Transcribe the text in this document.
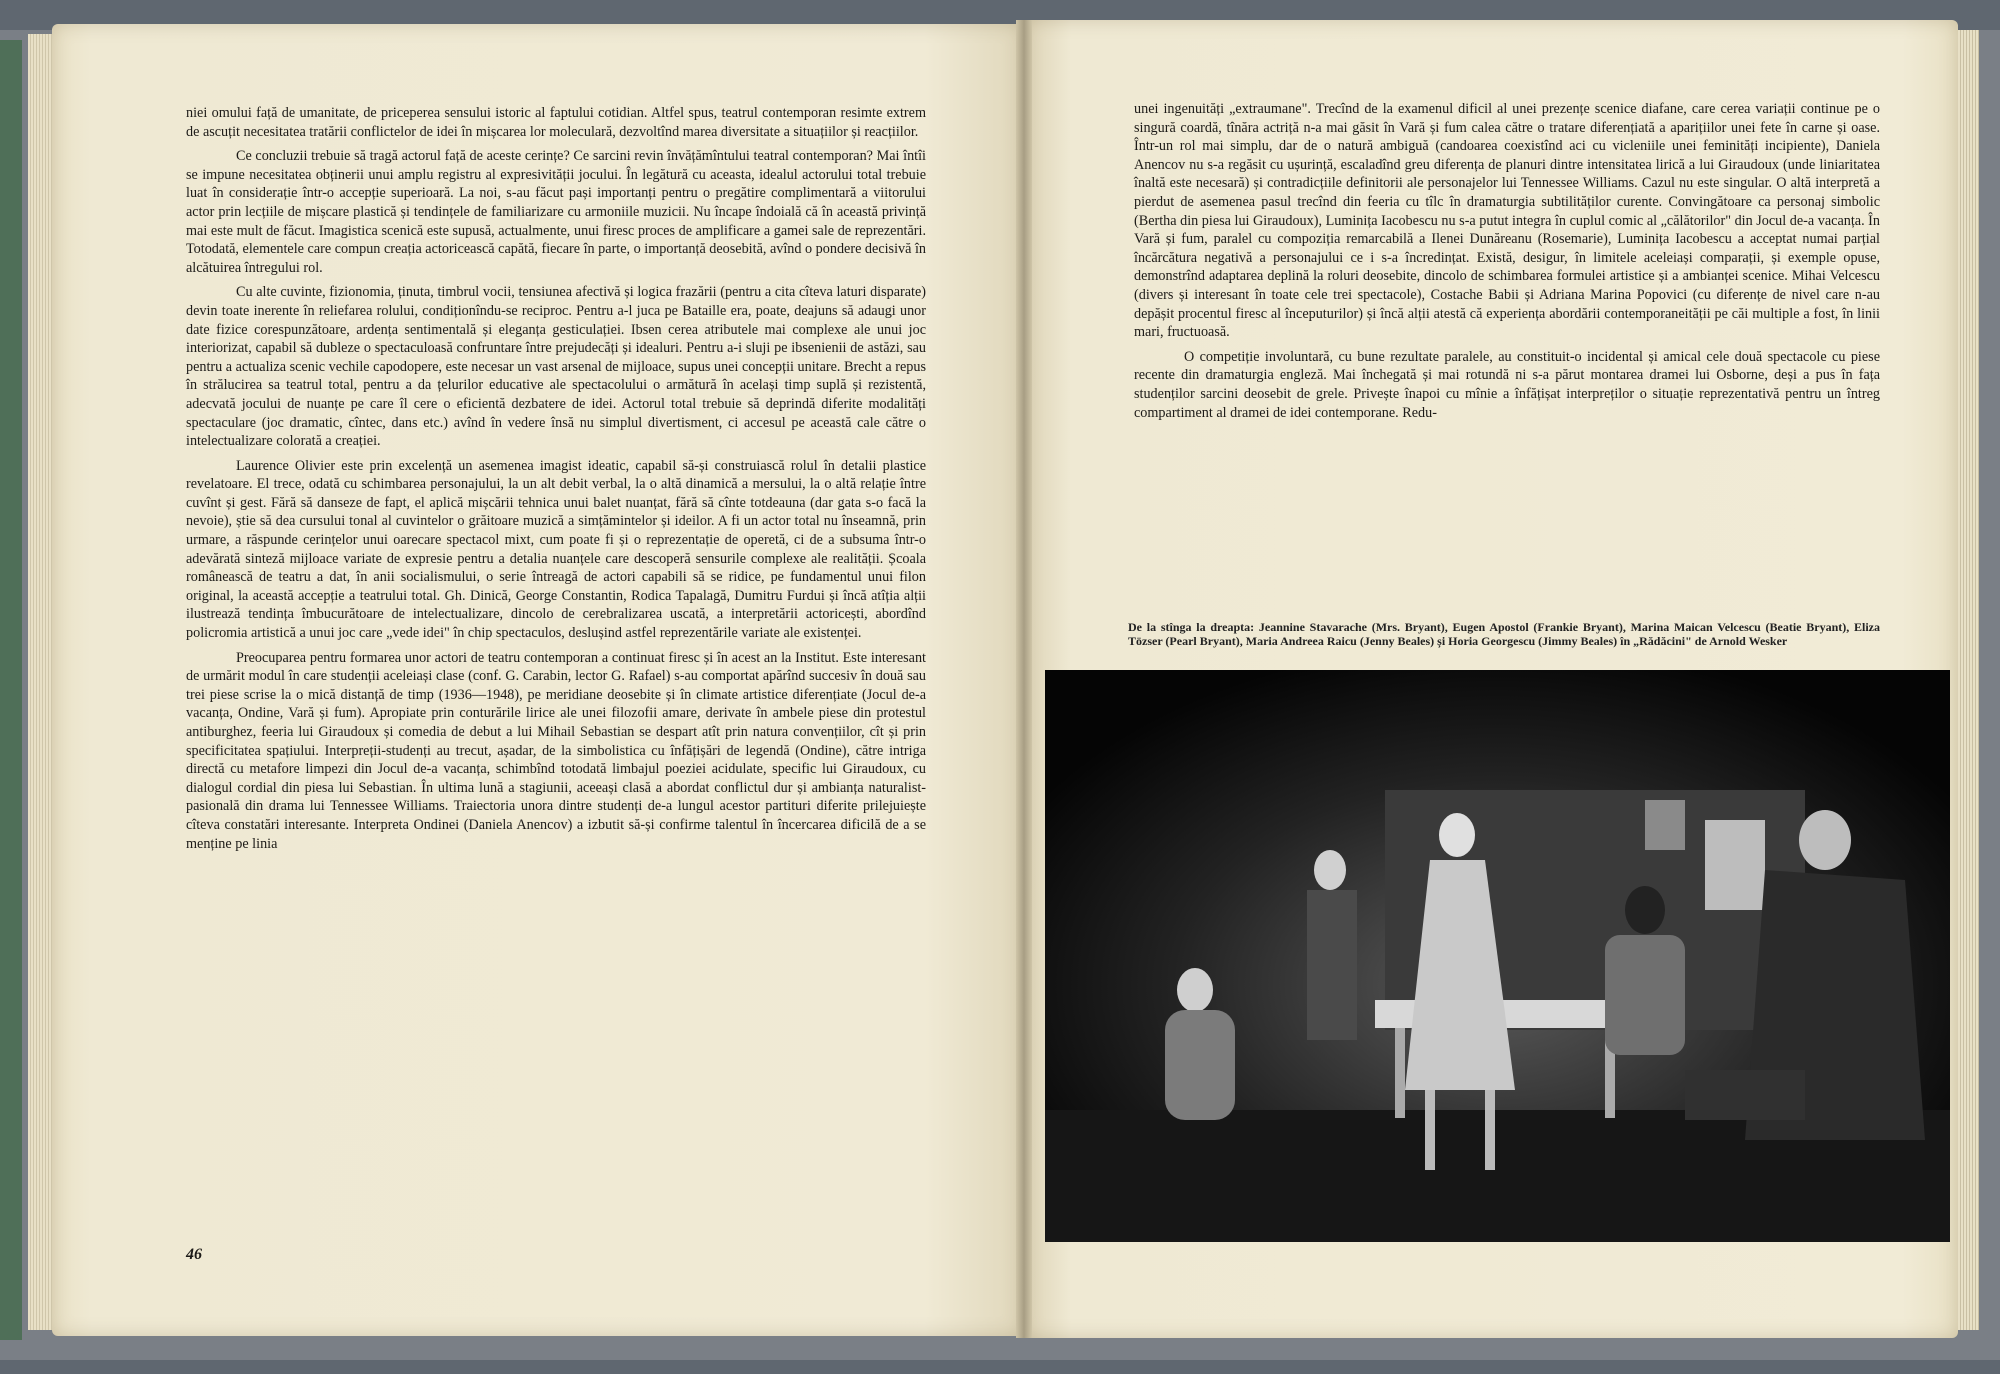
niei omului față de umanitate, de priceperea sensului istoric al faptului cotidian. Altfel spus, teatrul contemporan resimte extrem de ascuțit necesitatea tratării conflictelor de idei în mișcarea lor moleculară, dezvoltînd marea diversitate a situațiilor și reacțiilor.

Ce concluzii trebuie să tragă actorul față de aceste cerințe? Ce sarcini revin învățămîntului teatral contemporan? Mai întîi se impune necesitatea obținerii unui amplu registru al expresivității jocului. În legătură cu aceasta, idealul actorului total trebuie luat în considerație într-o accepție superioară. La noi, s-au făcut pași importanți pentru o pregătire complimentară a viitorului actor prin lecțiile de mișcare plastică și tendințele de familiarizare cu armoniile muzicii. Nu încape îndoială că în această privință mai este mult de făcut. Imagistica scenică este supusă, actualmente, unui firesc proces de amplificare a gamei sale de reprezentări. Totodată, elementele care compun creația actoricească capătă, fiecare în parte, o importanță deosebită, avînd o pondere decisivă în alcătuirea întregului rol.

Cu alte cuvinte, fizionomia, ținuta, timbrul vocii, tensiunea afectivă și logica frazării (pentru a cita cîteva laturi disparate) devin toate inerente în reliefarea rolului, condiționîndu-se reciproc. Pentru a-l juca pe Bataille era, poate, deajuns să adaugi unor date fizice corespunzătoare, ardența sentimentală și eleganța gesticulației. Ibsen cerea atributele mai complexe ale unui joc interiorizat, capabil să dubleze o spectaculoasă confruntare între prejudecăți și idealuri. Pentru a-i sluji pe ibsenienii de astăzi, sau pentru a actualiza scenic vechile capodopere, este necesar un vast arsenal de mijloace, supus unei concepții unitare. Brecht a repus în strălucirea sa teatrul total, pentru a da țelurilor educative ale spectacolului o armătură în același timp suplă și rezistentă, adecvată jocului de nuanțe pe care îl cere o eficientă dezbatere de idei. Actorul total trebuie să deprindă diferite modalități spectaculare (joc dramatic, cîntec, dans etc.) avînd în vedere însă nu simplul divertisment, ci accesul pe această cale către o intelectualizare colorată a creației.

Laurence Olivier este prin excelență un asemenea imagist ideatic, capabil să-și construiască rolul în detalii plastice revelatoare. El trece, odată cu schimbarea personajului, la un alt debit verbal, la o altă dinamică a mersului, la o altă relație între cuvînt și gest. Fără să danseze de fapt, el aplică mișcării tehnica unui balet nuanțat, fără să cînte totdeauna (dar gata s-o facă la nevoie), știe să dea cursului tonal al cuvintelor o grăitoare muzică a simțămintelor și ideilor. A fi un actor total nu înseamnă, prin urmare, a răspunde cerințelor unui oarecare spectacol mixt, cum poate fi și o reprezentație de operetă, ci de a subsuma într-o adevărată sinteză mijloace variate de expresie pentru a detalia nuanțele care descoperă sensurile complexe ale realității. Școala românească de teatru a dat, în anii socialismului, o serie întreagă de actori capabili să se ridice, pe fundamentul unui filon original, la această accepție a teatrului total. Gh. Dinică, George Constantin, Rodica Tapalagă, Dumitru Furdui și încă atîția alții ilustrează tendința îmbucurătoare de intelectualizare, dincolo de cerebralizarea uscată, a interpretării actoricești, abordînd policromia artistică a unui joc care „vede idei" în chip spectaculos, deslușind astfel reprezentările variate ale existenței.

Preocuparea pentru formarea unor actori de teatru contemporan a continuat firesc și în acest an la Institut. Este interesant de urmărit modul în care studenții aceleiași clase (conf. G. Carabin, lector G. Rafael) s-au comportat apărînd succesiv în două sau trei piese scrise la o mică distanță de timp (1936—1948), pe meridiane deosebite și în climate artistice diferențiate (Jocul de-a vacanța, Ondine, Vară și fum). Apropiate prin conturările lirice ale unei filozofii amare, derivate în ambele piese din protestul antiburghez, feeria lui Giraudoux și comedia de debut a lui Mihail Sebastian se despart atît prin natura convențiilor, cît și prin specificitatea spațiului. Interpreții-studenți au trecut, așadar, de la simbolistica cu înfățișări de legendă (Ondine), către intriga directă cu metafore limpezi din Jocul de-a vacanța, schimbînd totodată limbajul poeziei acidulate, specific lui Giraudoux, cu dialogul cordial din piesa lui Sebastian. În ultima lună a stagiunii, aceeași clasă a abordat conflictul dur și ambianța naturalist-pasională din drama lui Tennessee Williams. Traiectoria unora dintre studenți de-a lungul acestor partituri diferite prilejuiește cîteva constatări interesante. Interpreta Ondinei (Daniela Anencov) a izbutit să-și confirme talentul în încercarea dificilă de a se menține pe linia

46

unei ingenuități „extraumane". Trecînd de la examenul dificil al unei prezențe scenice diafane, care cerea variații continue pe o singură coardă, tînăra actriță n-a mai găsit în Vară și fum calea către o tratare diferențiată a aparițiilor unei fete în carne și oase. Într-un rol mai simplu, dar de o natură ambiguă (candoarea coexistînd aci cu vicleniile unei feminități incipiente), Daniela Anencov nu s-a regăsit cu ușurință, escaladînd greu diferența de planuri dintre intensitatea lirică a lui Giraudoux (unde liniaritatea înaltă este necesară) și contradicțiile definitorii ale personajelor lui Tennessee Williams. Cazul nu este singular. O altă interpretă a pierdut de asemenea pasul trecînd din feeria cu tîlc în dramaturgia subtilităților curente. Convingătoare ca personaj simbolic (Bertha din piesa lui Giraudoux), Luminița Iacobescu nu s-a putut integra în cuplul comic al „călătorilor" din Jocul de-a vacanța. În Vară și fum, paralel cu compoziția remarcabilă a Ilenei Dunăreanu (Rosemarie), Luminița Iacobescu a acceptat numai parțial încărcătura negativă a personajului ce i s-a încredințat. Există, desigur, în limitele aceleiași comparații, și exemple opuse, demonstrînd adaptarea deplină la roluri deosebite, dincolo de schimbarea formulei artistice și a ambianței scenice. Mihai Velcescu (divers și interesant în toate cele trei spectacole), Costache Babii și Adriana Marina Popovici (cu diferențe de nivel care n-au depășit procentul firesc al începuturilor) și încă alții atestă că experiența abordării contemporaneității pe căi multiple a fost, în linii mari, fructuoasă.

O competiție involuntară, cu bune rezultate paralele, au constituit-o incidental și amical cele două spectacole cu piese recente din dramaturgia engleză. Mai închegată și mai rotundă ni s-a părut montarea dramei lui Osborne, deși a pus în fața studenților sarcini deosebit de grele. Privește înapoi cu mînie a înfățișat interpreților o situație reprezentativă pentru un întreg compartiment al dramei de idei contemporane. Redu-

De la stînga la dreapta: Jeannine Stavarache (Mrs. Bryant), Eugen Apostol (Frankie Bryant), Marina Maican Velcescu (Beatie Bryant), Eliza Tözser (Pearl Bryant), Maria Andreea Raicu (Jenny Beales) și Horia Georgescu (Jimmy Beales) în „Rădăcini" de Arnold Wesker
